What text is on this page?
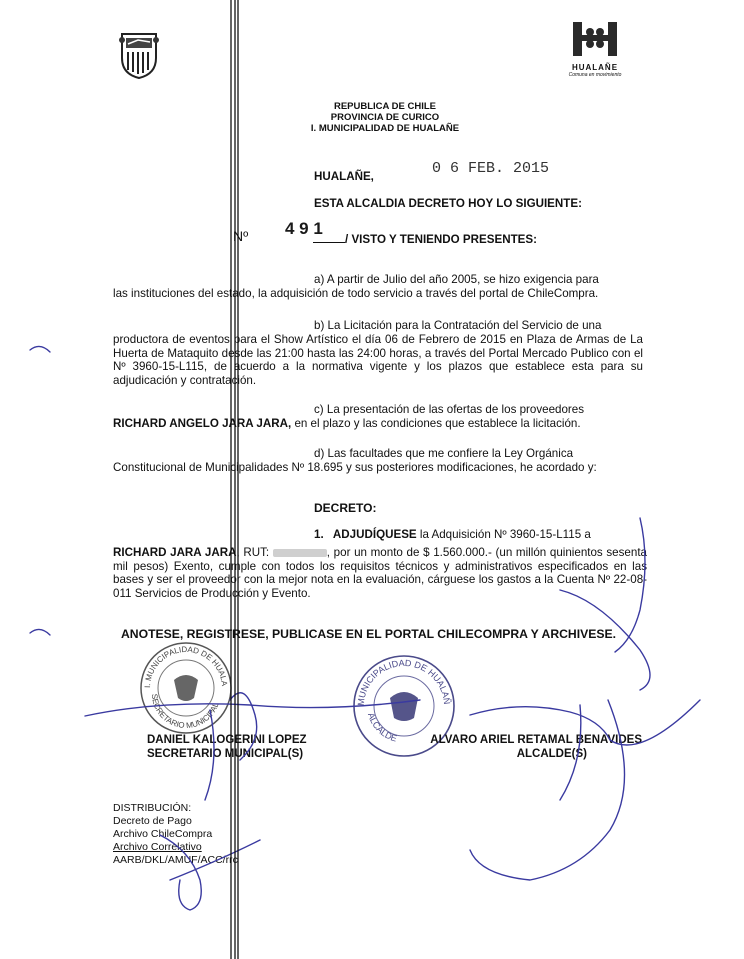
HUALAÑE
Comuna en movimiento
REPUBLICA DE CHILE
PROVINCIA DE CURICO
I. MUNICIPALIDAD DE HUALAÑE
HUALAÑE,	0 6 FEB. 2015
ESTA ALCALDIA DECRETO HOY LO SIGUIENTE:
Nº 4 9 1
/ VISTO Y TENIENDO PRESENTES:
a) A partir de Julio del año 2005, se hizo exigencia para
las instituciones del estado, la adquisición de todo servicio a través del portal de ChileCompra.
b) La Licitación para la Contratación del Servicio de una
productora de eventos para el Show Artístico el día 06 de Febrero de 2015 en Plaza de Armas de La Huerta de Mataquito desde las 21:00 hasta las 24:00 horas, a través del Portal Mercado Publico con el Nº 3960-15-L115, de acuerdo a la normativa vigente y los plazos que establece esta para su adjudicación y contratación.
c) La presentación de las ofertas de los proveedores
RICHARD ANGELO JARA JARA, en el plazo y las condiciones que establece la licitación.
d) Las facultades que me confiere la Ley Orgánica
Constitucional de Municipalidades Nº 18.695 y sus posteriores modificaciones, he acordado y:
DECRETO:
1. ADJUDÍQUESE la Adquisición Nº 3960-15-L115 a
RICHARD JARA JARA, RUT:	, por un monto de $ 1.560.000.- (un millón quinientos sesenta mil pesos) Exento, cumple con todos los requisitos técnicos y administrativos especificados en las bases y ser el proveedor con la mejor nota en la evaluación, cárguese los gastos a la Cuenta Nº 22-08-011 Servicios de Producción y Evento.
ANOTESE, REGISTRESE, PUBLICASE EN EL PORTAL CHILECOMPRA Y ARCHIVESE.
I. MUNICIPALIDAD DE HUALA
SECRETARIO MUNICIPAL	MUNICIPALIDAD DE HUALAÑ
ALCALDE
DANIEL KALOGERINI LOPEZ
SECRETARIO MUNICIPAL(S)
ALVARO ARIEL RETAMAL BENAVIDES
ALCALDE(S)
DISTRIBUCIÓN:
Decreto de Pago
Archivo ChileCompra
Archivo Correlativo
AARB/DKL/AMUF/ACC/rrc
